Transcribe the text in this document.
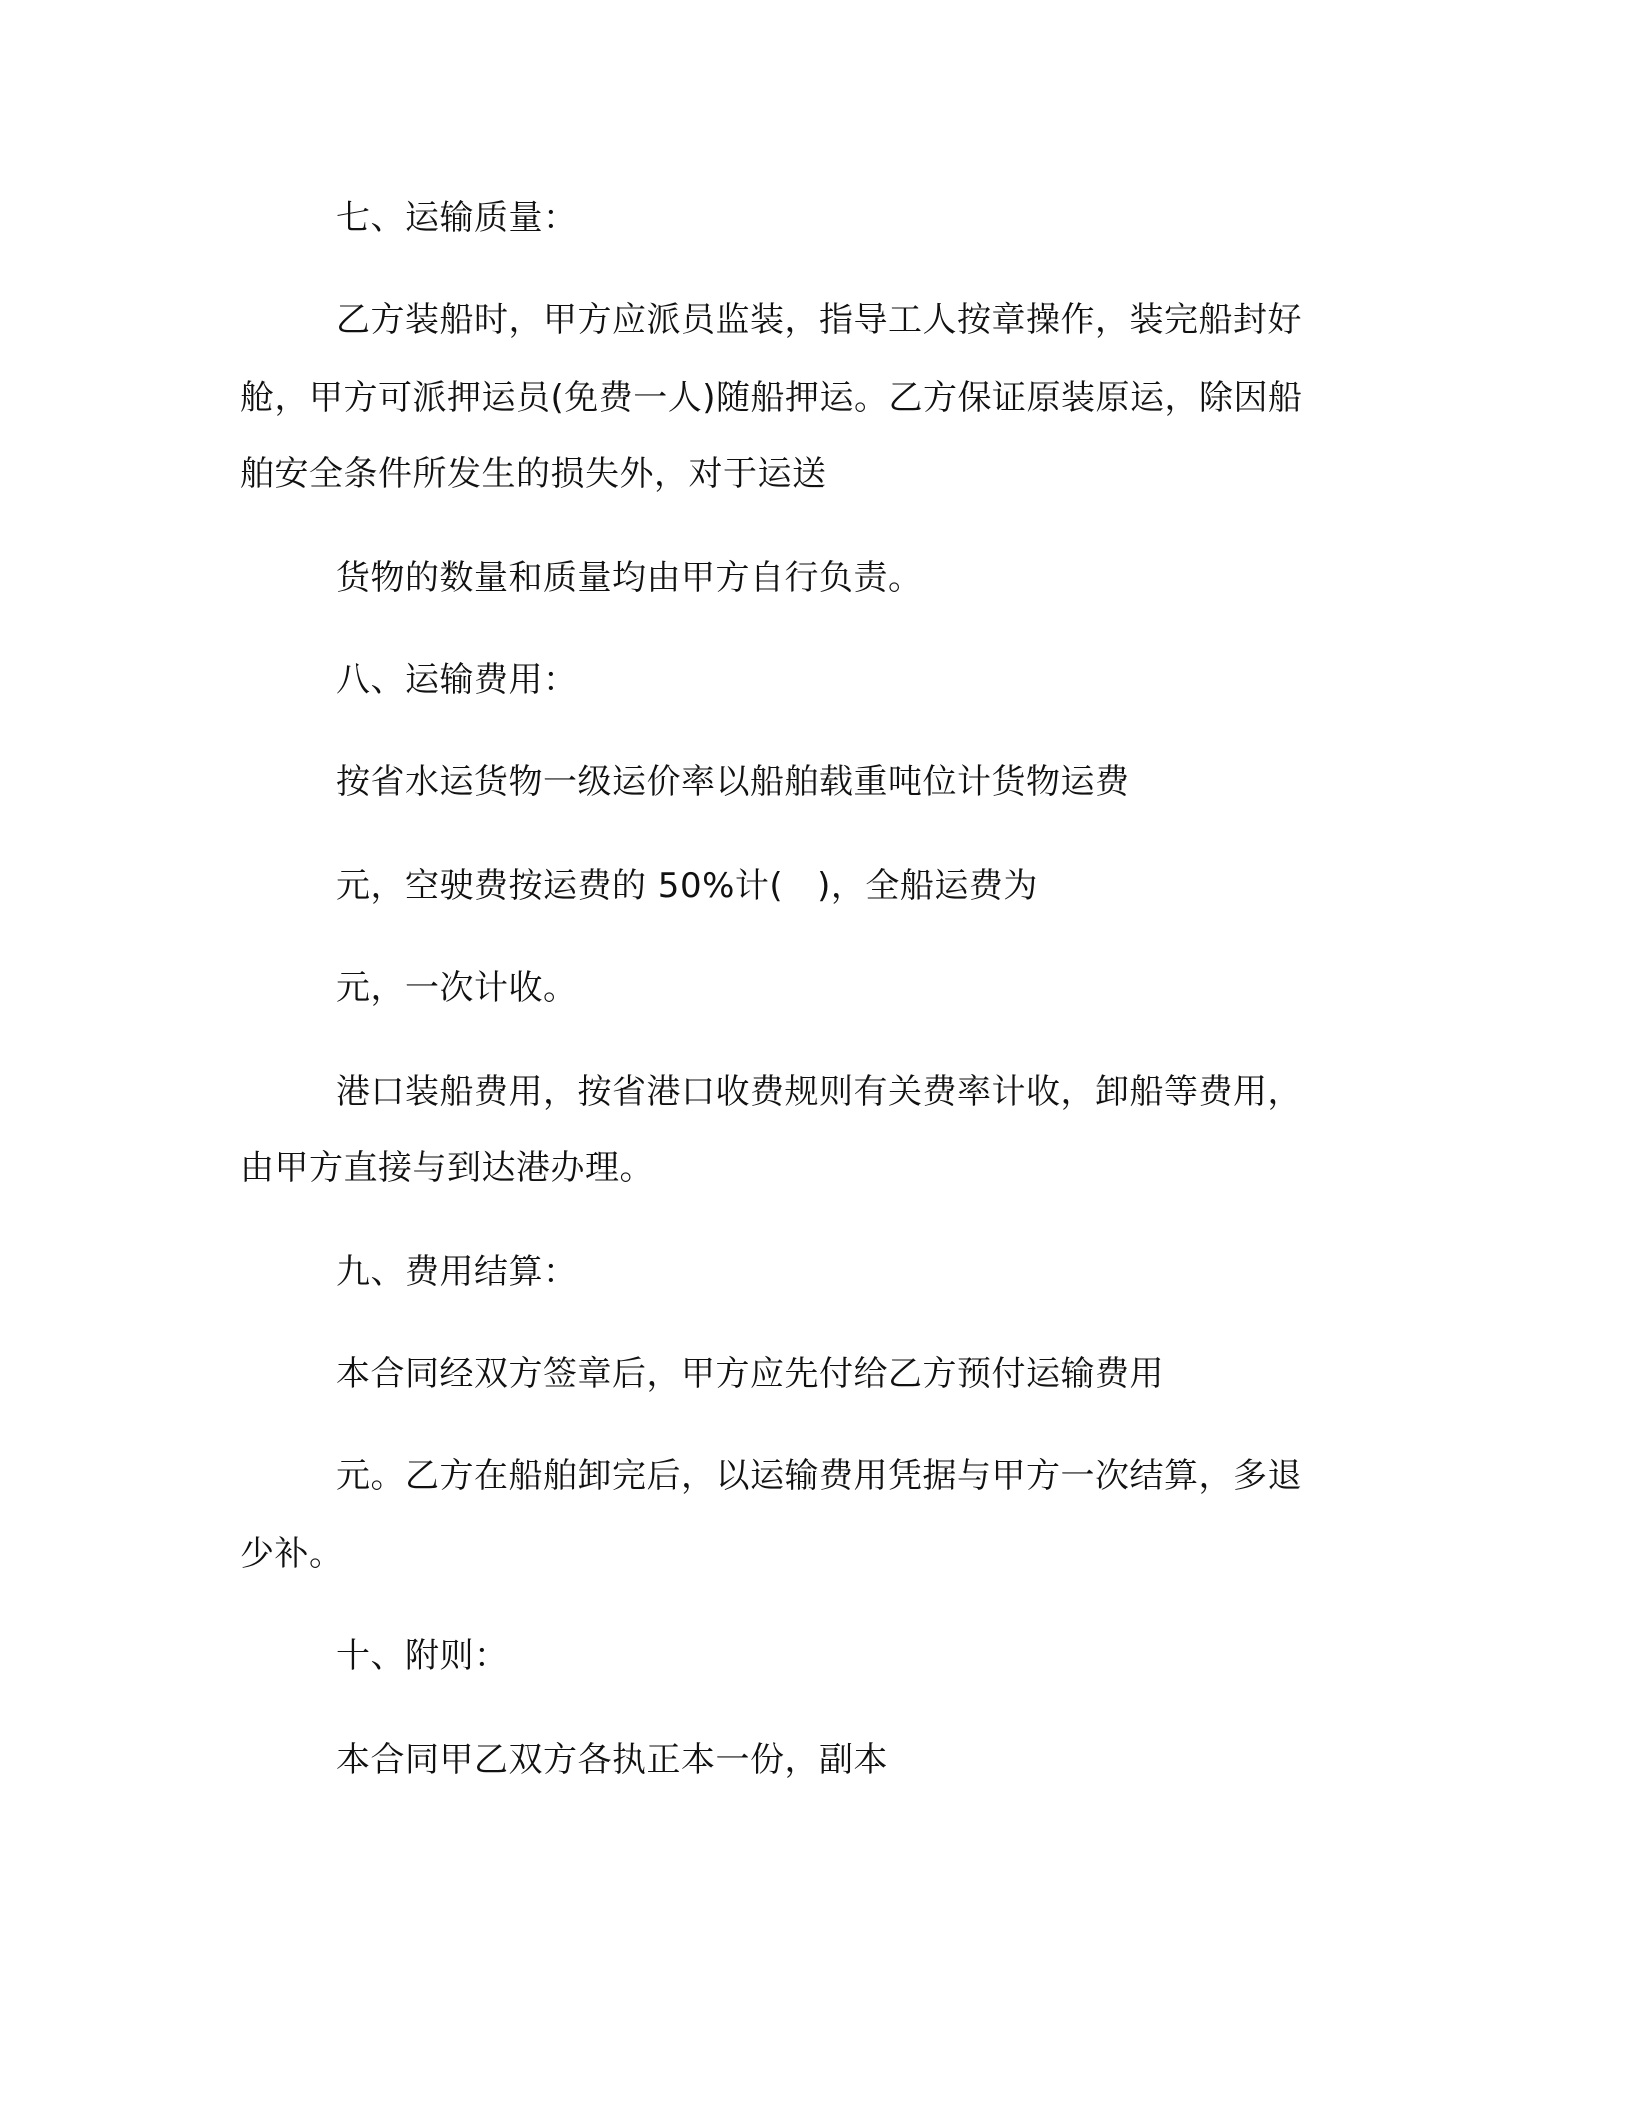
七、运输质量：

乙方装船时，甲方应派员监装，指导工人按章操作，装完船封好

舱，甲方可派押运员(免费一人)随船押运。乙方保证原装原运，除因船

舶安全条件所发生的损失外，对于运送

货物的数量和质量均由甲方自行负责。

八、运输费用：

按省水运货物一级运价率以船舶载重吨位计货物运费

元，空驶费按运费的 50%计(   )，全船运费为

元，一次计收。

港口装船费用，按省港口收费规则有关费率计收，卸船等费用，

由甲方直接与到达港办理。

九、费用结算：

本合同经双方签章后，甲方应先付给乙方预付运输费用

元。乙方在船舶卸完后，以运输费用凭据与甲方一次结算，多退

少补。

十、附则：

本合同甲乙双方各执正本一份，副本
